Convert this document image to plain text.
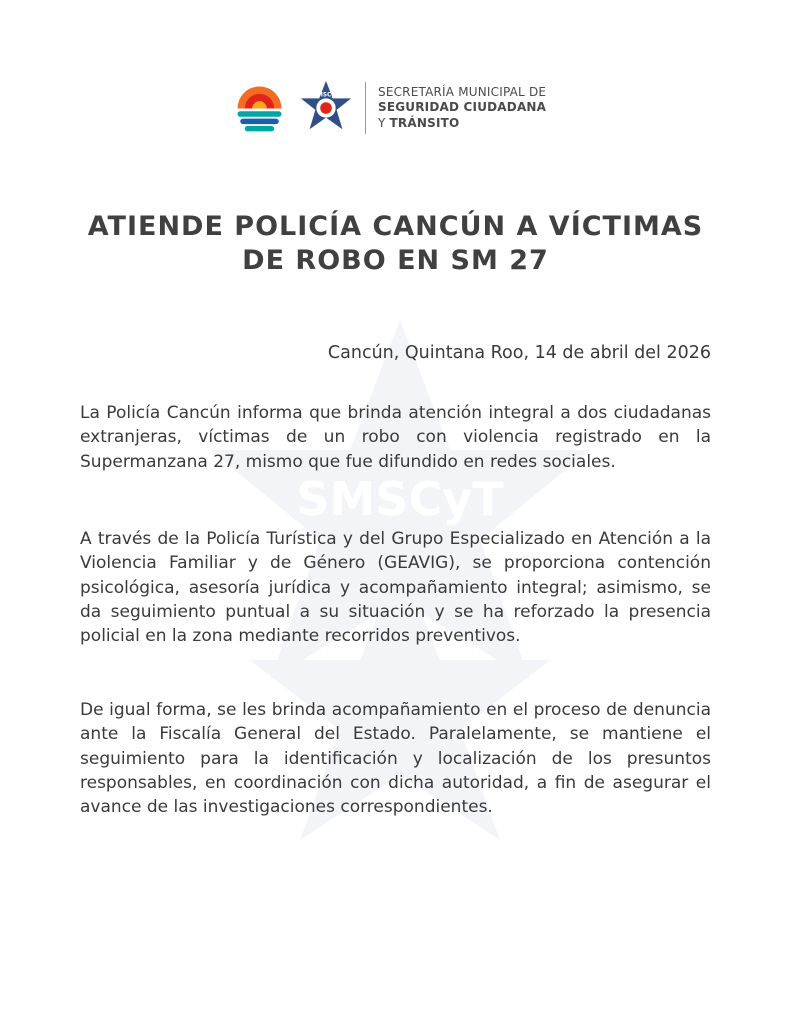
SMSCyT
SMSCyT	SECRETARÍA MUNICIPAL DE
SEGURIDAD CIUDADANA
Y TRÁNSITO
ATIENDE POLICÍA CANCÚN A VÍCTIMAS
DE ROBO EN SM 27
Cancún, Quintana Roo, 14 de abril del 2026
La Policía Cancún informa que brinda atención integral a dos ciudadanas extranjeras, víctimas de un robo con violencia registrado en la Supermanzana 27, mismo que fue difundido en redes sociales.
A través de la Policía Turística y del Grupo Especializado en Atención a la Violencia Familiar y de Género (GEAVIG), se proporciona contención psicológica, asesoría jurídica y acompañamiento integral; asimismo, se da seguimiento puntual a su situación y se ha reforzado la presencia policial en la zona mediante recorridos preventivos.
De igual forma, se les brinda acompañamiento en el proceso de denuncia ante la Fiscalía General del Estado. Paralelamente, se mantiene el seguimiento para la identificación y localización de los presuntos responsables, en coordinación con dicha autoridad, a fin de asegurar el avance de las investigaciones correspondientes.
